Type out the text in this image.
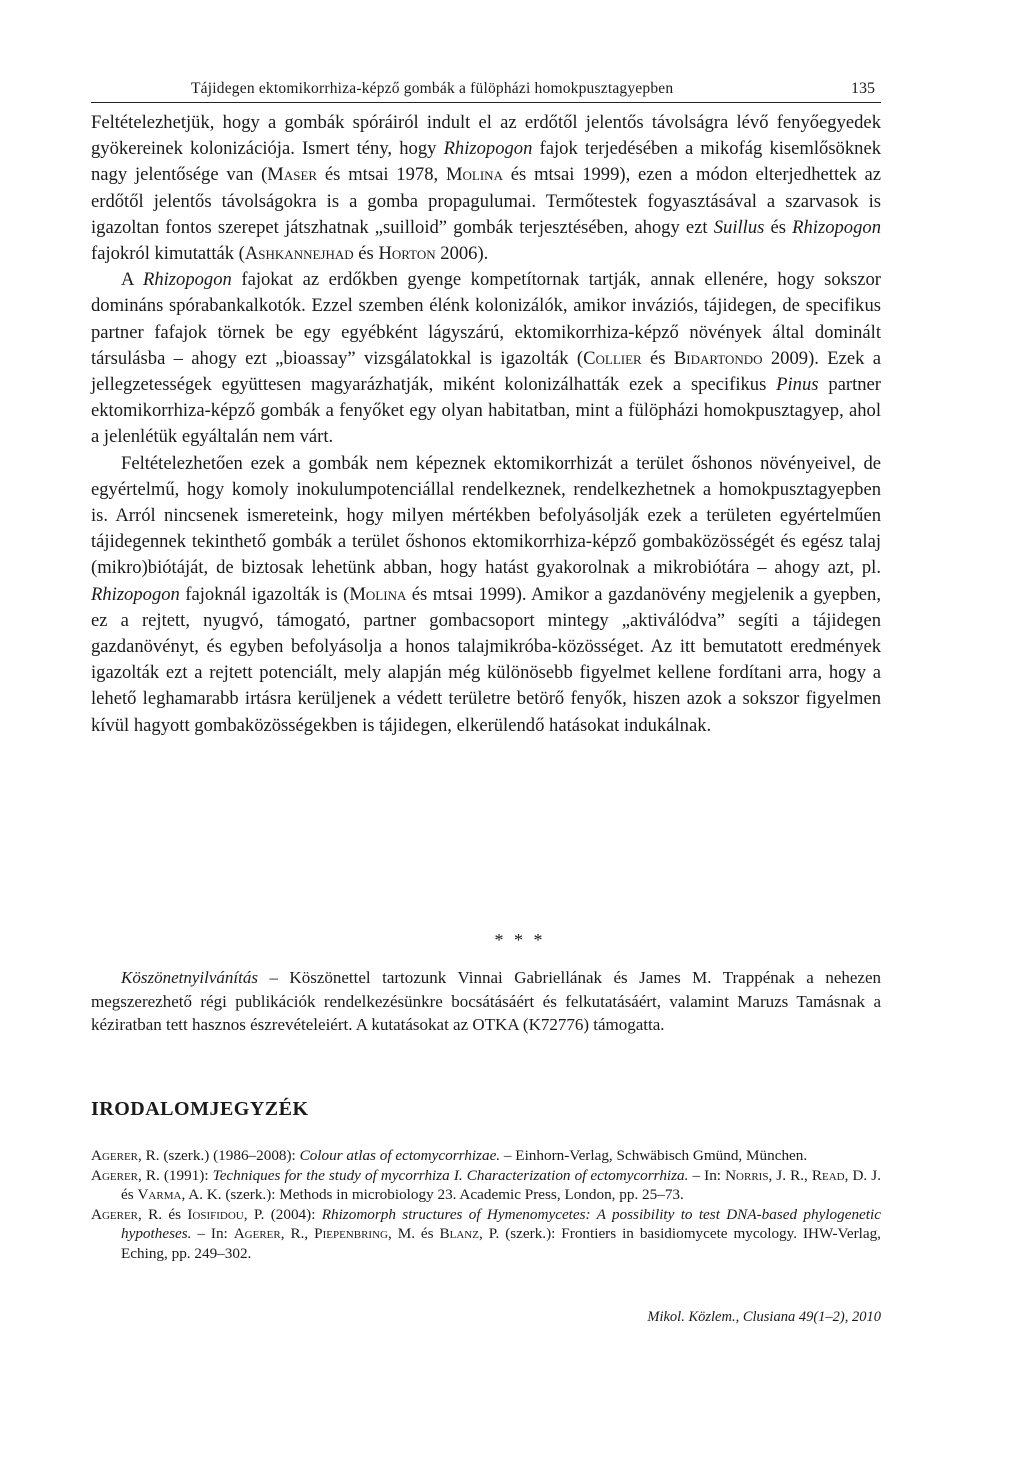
Tájidegen ektomikorrhiza-képző gombák a fülöpházi homokpusztagyepben	135

Feltételezhetjük, hogy a gombák spóráiról indult el az erdőtől jelentős távolságra lévő fenyőegyedek gyökereinek kolonizációja. Ismert tény, hogy Rhizopogon fajok terjedésében a mikofág kisemlősöknek nagy jelentősége van (Maser és mtsai 1978, Molina és mtsai 1999), ezen a módon elterjedhettek az erdőtől jelentős távolságokra is a gomba propagulumai. Termőtestek fogyasztásával a szarvasok is igazoltan fontos szerepet játszhatnak „suilloid” gombák terjesztésében, ahogy ezt Suillus és Rhizopogon fajokról kimutatták (Ashkannejhad és Horton 2006).

A Rhizopogon fajokat az erdőkben gyenge kompetítornak tartják, annak ellenére, hogy sokszor domináns spórabankalkotók. Ezzel szemben élénk kolonizálók, amikor inváziós, tájidegen, de specifikus partner fafajok törnek be egy egyébként lágyszárú, ektomikorrhiza-képző növények által dominált társulásba – ahogy ezt „bioassay” vizsgálatokkal is igazolták (Collier és Bidartondo 2009). Ezek a jellegzetességek együttesen magyarázhatják, miként kolonizálhatták ezek a specifikus Pinus partner ektomikorrhiza-képző gombák a fenyőket egy olyan habitatban, mint a fülöpházi homokpusztagyep, ahol a jelenlétük egyáltalán nem várt.

Feltételezhetően ezek a gombák nem képeznek ektomikorrhizát a terület őshonos növényeivel, de egyértelmű, hogy komoly inokulumpotenciállal rendelkeznek, rendelkezhetnek a homokpusztagyepben is. Arról nincsenek ismereteink, hogy milyen mértékben befolyásolják ezek a területen egyértelműen tájidegennek tekinthető gombák a terület őshonos ektomikorrhiza-képző gombaközösségét és egész talaj (mikro)biótáját, de biztosak lehetünk abban, hogy hatást gyakorolnak a mikrobiótára – ahogy azt, pl. Rhizopogon fajoknál igazolták is (Molina és mtsai 1999). Amikor a gazdanövény megjelenik a gyepben, ez a rejtett, nyugvó, támogató, partner gombacsoport mintegy „aktiválódva” segíti a tájidegen gazdanövényt, és egyben befolyásolja a honos talajmikróba-közösséget. Az itt bemutatott eredmények igazolták ezt a rejtett potenciált, mely alapján még különösebb figyelmet kellene fordítani arra, hogy a lehető leghamarabb irtásra kerüljenek a védett területre betörő fenyők, hiszen azok a sokszor figyelmen kívül hagyott gombaközösségekben is tájidegen, elkerülendő hatásokat indukálnak.

* * *

Köszönetnyilvánítás – Köszönettel tartozunk Vinnai Gabriellának és James M. Trappénak a nehezen megszerezhető régi publikációk rendelkezésünkre bocsátásáért és felkutatásáért, valamint Maruzs Tamásnak a kéziratban tett hasznos észrevételeiért. A kutatásokat az OTKA (K72776) támogatta.

IRODALOMJEGYZÉK

Agerer, R. (szerk.) (1986–2008): Colour atlas of ectomycorrhizae. – Einhorn-Verlag, Schwäbisch Gmünd, München.

Agerer, R. (1991): Techniques for the study of mycorrhiza I. Characterization of ectomycorrhiza. – In: Norris, J. R., Read, D. J. és Varma, A. K. (szerk.): Methods in microbiology 23. Academic Press, London, pp. 25–73.

Agerer, R. és Iosifidou, P. (2004): Rhizomorph structures of Hymenomycetes: A possibility to test DNA-based phylogenetic hypotheses. – In: Agerer, R., Piepenbring, M. és Blanz, P. (szerk.): Frontiers in basidiomycete mycology. IHW-Verlag, Eching, pp. 249–302.

Mikol. Közlem., Clusiana 49(1–2), 2010
